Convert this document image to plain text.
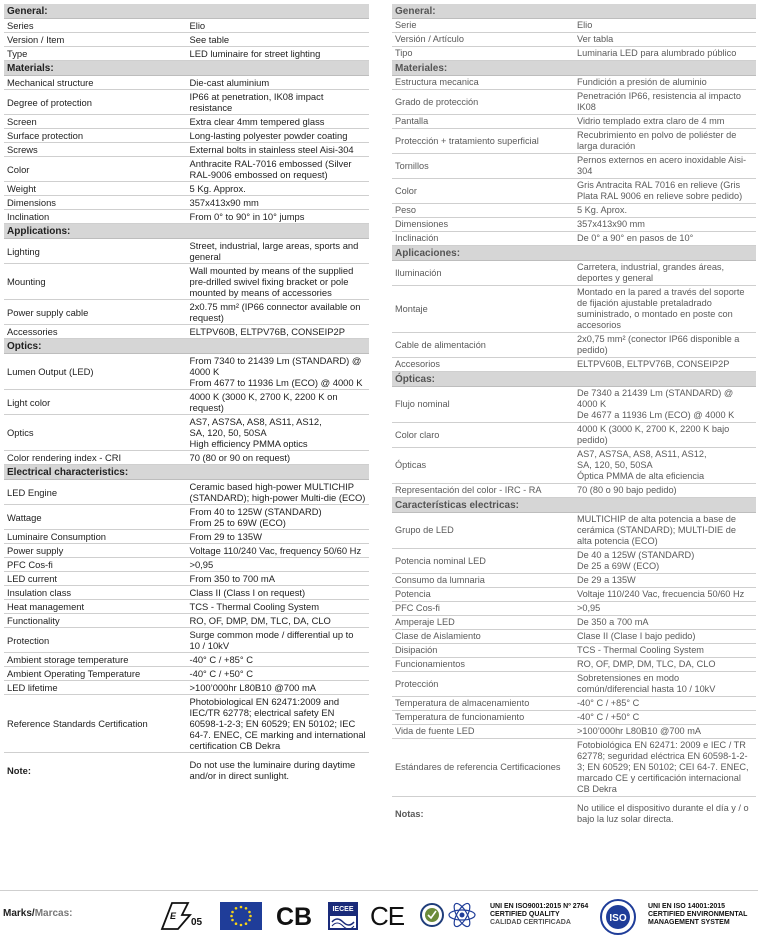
General:	
Series	Elio
Version / Item	See table
Type	LED luminaire for street lighting
Materials:	
Mechanical structure	Die-cast aluminium
Degree of protection	IP66 at penetration, IK08 impact resistance
Screen	Extra clear 4mm tempered glass
Surface protection	Long-lasting polyester powder coating
Screws	External bolts in stainless steel Aisi-304
Color	Anthracite RAL-7016 embossed (Silver RAL-9006 embossed on request)
Weight	5 Kg. Approx.
Dimensions	357x413x90 mm
Inclination	From 0° to 90° in 10° jumps
Applications:	
Lighting	Street, industrial, large areas, sports and general
Mounting	Wall mounted by means of the supplied pre-drilled swivel fixing bracket or pole mounted by means of accessories
Power supply cable	2x0.75 mm² (IP66 connector available on request)
Accessories	ELTPV60B, ELTPV76B, CONSEIP2P
Optics:	
Lumen Output (LED)	From 7340 to 21439 Lm (STANDARD) @ 4000 K
From 4677 to 11936 Lm (ECO) @ 4000 K
Light color	4000 K (3000 K, 2700 K, 2200 K on request)
Optics	AS7, AS7SA, AS8, AS11, AS12,
SA, 120, 50, 50SA
High efficiency PMMA optics
Color rendering index - CRI	70 (80 or 90 on request)
Electrical characteristics:	
LED Engine	Ceramic based high-power MULTICHIP (STANDARD); high-power Multi-die (ECO)
Wattage	From 40 to 125W (STANDARD)
From 25 to 69W (ECO)
Luminaire Consumption	From 29 to 135W
Power supply	Voltage 110/240 Vac, frequency 50/60 Hz
PFC Cos-fi	>0,95
LED current	From 350 to 700 mA
Insulation class	Class II (Class I on request)
Heat management	TCS - Thermal Cooling System
Functionality	RO, OF, DMP, DM, TLC, DA, CLO
Protection	Surge common mode / differential up to 10 / 10kV
Ambient storage temperature	-40° C / +85° C
Ambient Operating Temperature	-40° C / +50° C
LED lifetime	>100’000hr L80B10 @700 mA
Reference Standards Certification	Photobiological EN 62471:2009 and IEC/TR 62778; electrical safety EN 60598-1-2-3; EN 60529; EN 50102; IEC 64-7. ENEC, CE marking and international certification CB Dekra
Note:	Do not use the luminaire during daytime and/or in direct sunlight.
General:	
Serie	Elio
Versión / Artículo	Ver tabla
Tipo	Luminaria LED para alumbrado público
Materiales:	
Estructura mecanica	Fundición a presión de aluminio
Grado de protección	Penetración IP66, resistencia al impacto IK08
Pantalla	Vidrio templado extra claro de 4 mm
Protección + tratamiento superficial	Recubrimiento en polvo de poliéster de larga duración
Tornillos	Pernos externos en acero inoxidable Aisi-304
Color	Gris Antracita RAL 7016 en relieve (Gris Plata RAL 9006 en relieve sobre pedido)
Peso	5 Kg. Aprox.
Dimensiones	357x413x90 mm
Inclinación	De 0° a 90° en pasos de 10°
Aplicaciones:	
Iluminación	Carretera, industrial, grandes áreas, deportes y general
Montaje	Montado en la pared a través del soporte de fijación ajustable pretaladrado suministrado, o montado en poste con accesorios
Cable de alimentación	2x0,75 mm² (conector IP66 disponible a pedido)
Accesorios	ELTPV60B, ELTPV76B, CONSEIP2P
Ópticas:	
Flujo nominal	De 7340 a 21439 Lm (STANDARD) @ 4000 K
De 4677 a 11936 Lm (ECO) @ 4000 K
Color claro	4000 K (3000 K, 2700 K, 2200 K bajo pedido)
Ópticas	AS7, AS7SA, AS8, AS11, AS12,
SA, 120, 50, 50SA
Óptica PMMA de alta eficiencia
Representación del color - IRC - RA	70 (80 o 90 bajo pedido)
Características electricas:	
Grupo de LED	MULTICHIP de alta potencia a base de cerámica (STANDARD); MULTI-DIE de alta potencia (ECO)
Potencia nominal LED	De 40 a 125W (STANDARD)
De 25 a 69W (ECO)
Consumo da lumnaria	De 29 a 135W
Potencia	Voltaje 110/240 Vac, frecuencia 50/60 Hz
PFC Cos-fi	>0,95
Amperaje LED	De 350 a 700 mA
Clase de Aislamiento	Clase II (Clase I bajo pedido)
Disipación	TCS - Thermal Cooling System
Funcionamientos	RO, OF, DMP, DM, TLC, DA, CLO
Protección	Sobretensiones en modo común/diferencial hasta 10 / 10kV
Temperatura de almacenamiento	-40° C / +85° C
Temperatura de funcionamiento	-40° C / +50° C
Vida de fuente LED	>100’000hr L80B10 @700 mA
Estándares de referencia Certificaciones	Fotobiológica EN 62471: 2009 e IEC / TR 62778; seguridad eléctrica EN 60598-1-2-3; EN 60529; EN 50102; CEI 64-7. ENEC, marcado CE y certificación internacional CB Dekra
Notas:	No utilice el dispositivo durante el día y / o bajo la luz solar directa.
Marks/Marcas:	E
05	CB	IECEE CE	UNI EN ISO9001:2015 Nº 2764
CERTIFIED QUALITY
CALIDAD CERTIFICADA	ISO
UNI EN ISO 14001:2015
CERTIFIED ENVIRONMENTAL
MANAGEMENT SYSTEM
